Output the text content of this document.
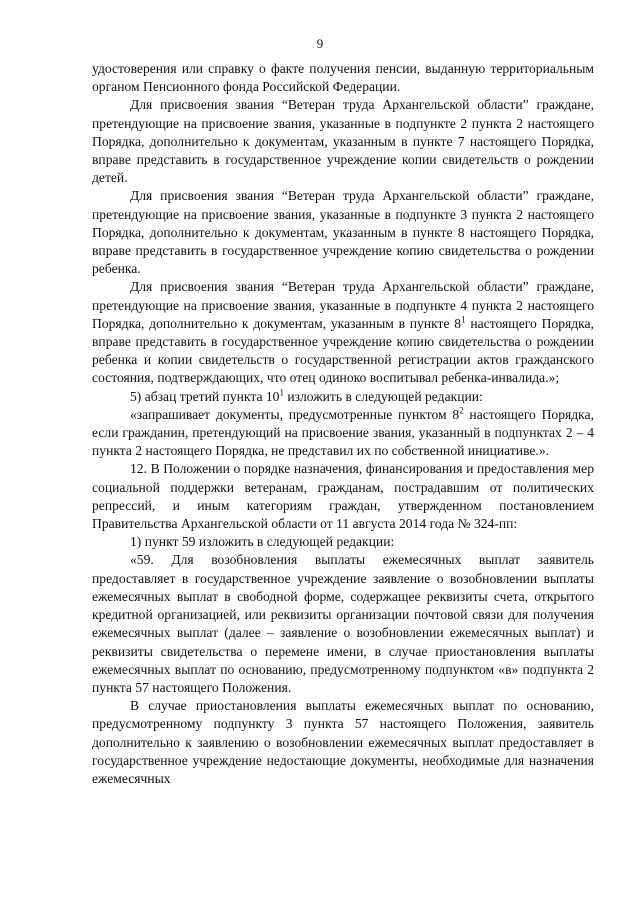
9

удостоверения или справку о факте получения пенсии, выданную территориальным органом Пенсионного фонда Российской Федерации.

Для присвоения звания “Ветеран труда Архангельской области” граждане, претендующие на присвоение звания, указанные в подпункте 2 пункта 2 настоящего Порядка, дополнительно к документам, указанным в пункте 7 настоящего Порядка, вправе представить в государственное учреждение копии свидетельств о рождении детей.

Для присвоения звания “Ветеран труда Архангельской области” граждане, претендующие на присвоение звания, указанные в подпункте 3 пункта 2 настоящего Порядка, дополнительно к документам, указанным в пункте 8 настоящего Порядка, вправе представить в государственное учреждение копию свидетельства о рождении ребенка.

Для присвоения звания “Ветеран труда Архангельской области” граждане, претендующие на присвоение звания, указанные в подпункте 4 пункта 2 настоящего Порядка, дополнительно к документам, указанным в пункте $8^1$ настоящего Порядка, вправе представить в государственное учреждение копию свидетельства о рождении ребенка и копии свидетельств о государственной регистрации актов гражданского состояния, подтверждающих, что отец одиноко воспитывал ребенка-инвалида.»;

5) абзац третий пункта $10^1$ изложить в следующей редакции:

«запрашивает документы, предусмотренные пунктом $8^2$ настоящего Порядка, если гражданин, претендующий на присвоение звания, указанный в подпунктах 2 – 4 пункта 2 настоящего Порядка, не представил их по собственной инициативе.».

12. В Положении о порядке назначения, финансирования и предоставления мер социальной поддержки ветеранам, гражданам, пострадавшим от политических репрессий, и иным категориям граждан, утвержденном постановлением Правительства Архангельской области от 11 августа 2014 года № 324-пп:

1) пункт 59 изложить в следующей редакции:

«59. Для возобновления выплаты ежемесячных выплат заявитель предоставляет в государственное учреждение заявление о возобновлении выплаты ежемесячных выплат в свободной форме, содержащее реквизиты счета, открытого кредитной организацией, или реквизиты организации почтовой связи для получения ежемесячных выплат (далее – заявление о возобновлении ежемесячных выплат) и реквизиты свидетельства о перемене имени, в случае приостановления выплаты ежемесячных выплат по основанию, предусмотренному подпунктом «в» подпункта 2 пункта 57 настоящего Положения.

В случае приостановления выплаты ежемесячных выплат по основанию, предусмотренному подпункту 3 пункта 57 настоящего Положения, заявитель дополнительно к заявлению о возобновлении ежемесячных выплат предоставляет в государственное учреждение недостающие документы, необходимые для назначения ежемесячных
